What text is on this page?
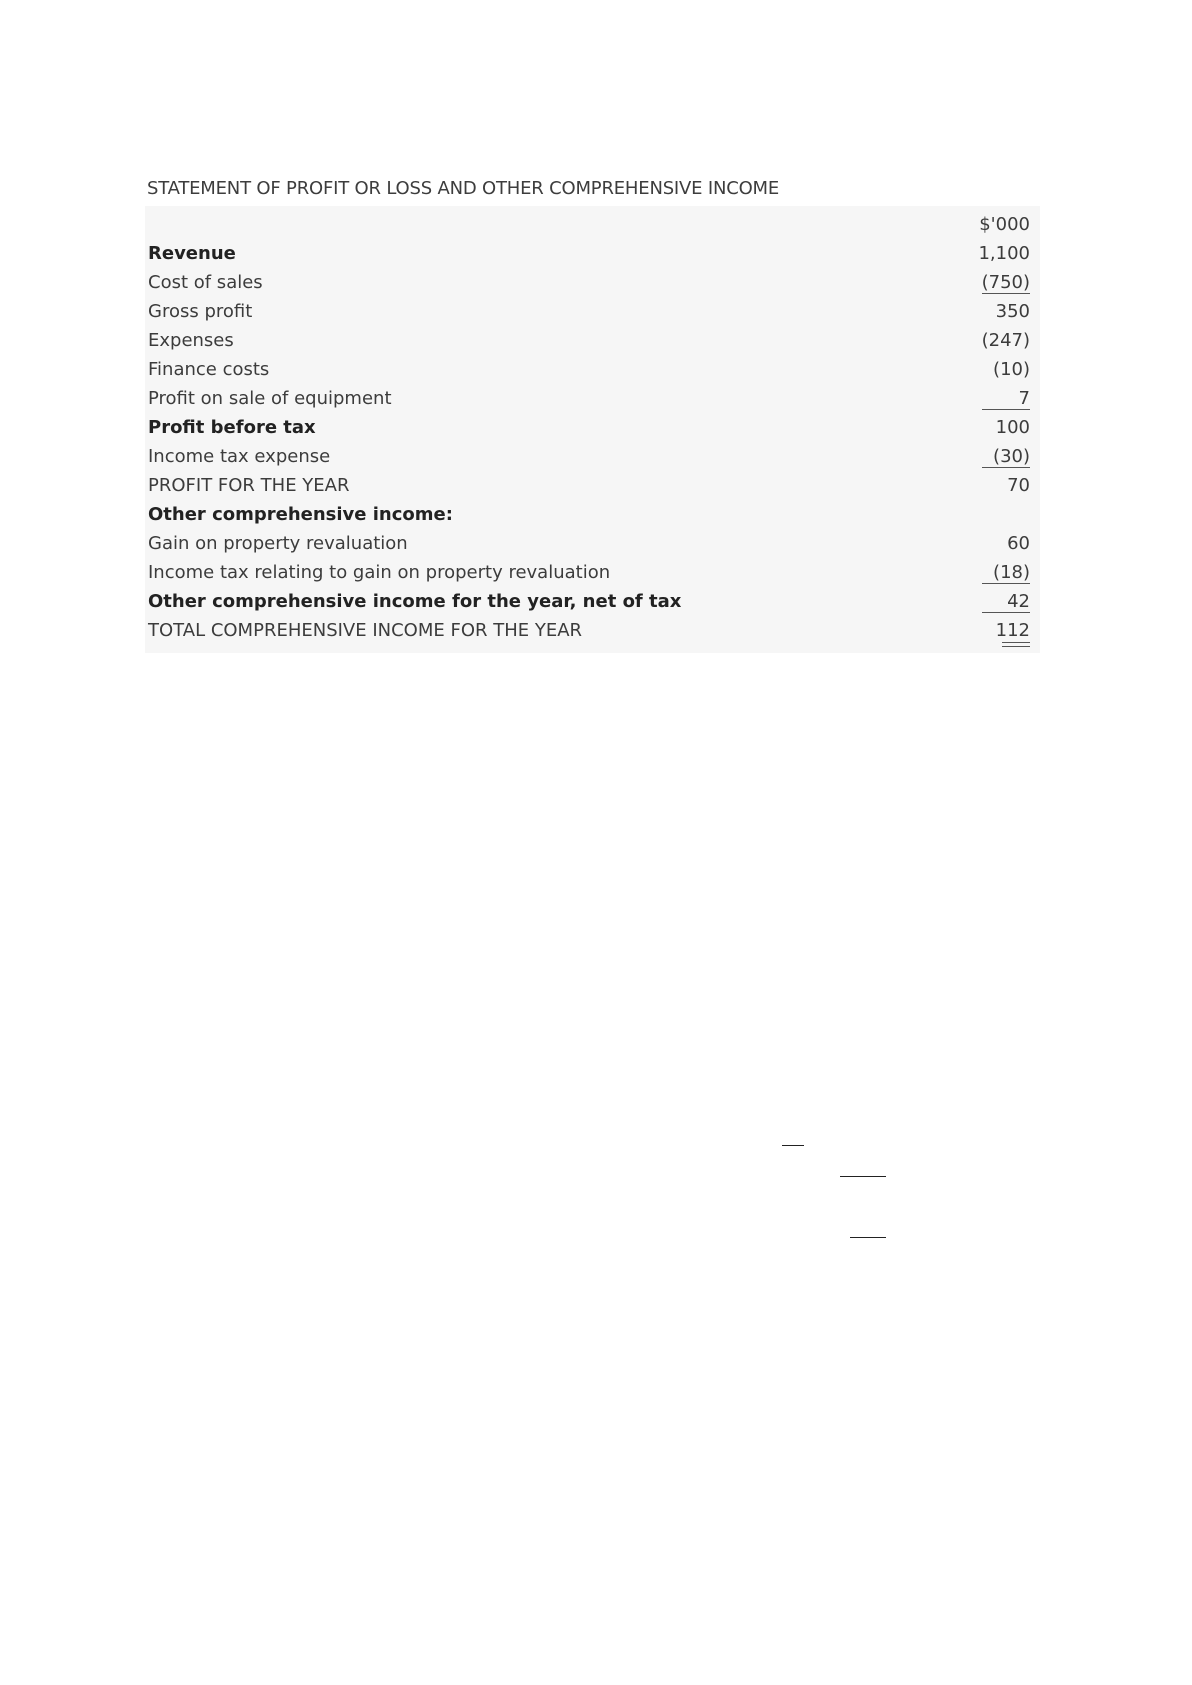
STATEMENT OF PROFIT OR LOSS AND OTHER COMPREHENSIVE INCOME
$'000
Revenue	1,100
Cost of sales	(750)
Gross profit	350
Expenses	(247)
Finance costs	(10)
Profit on sale of equipment	7
Profit before tax	100
Income tax expense	(30)
PROFIT FOR THE YEAR	70
Other comprehensive income:
Gain on property revaluation	60
Income tax relating to gain on property revaluation	(18)
Other comprehensive income for the year, net of tax	42
TOTAL COMPREHENSIVE INCOME FOR THE YEAR	112
